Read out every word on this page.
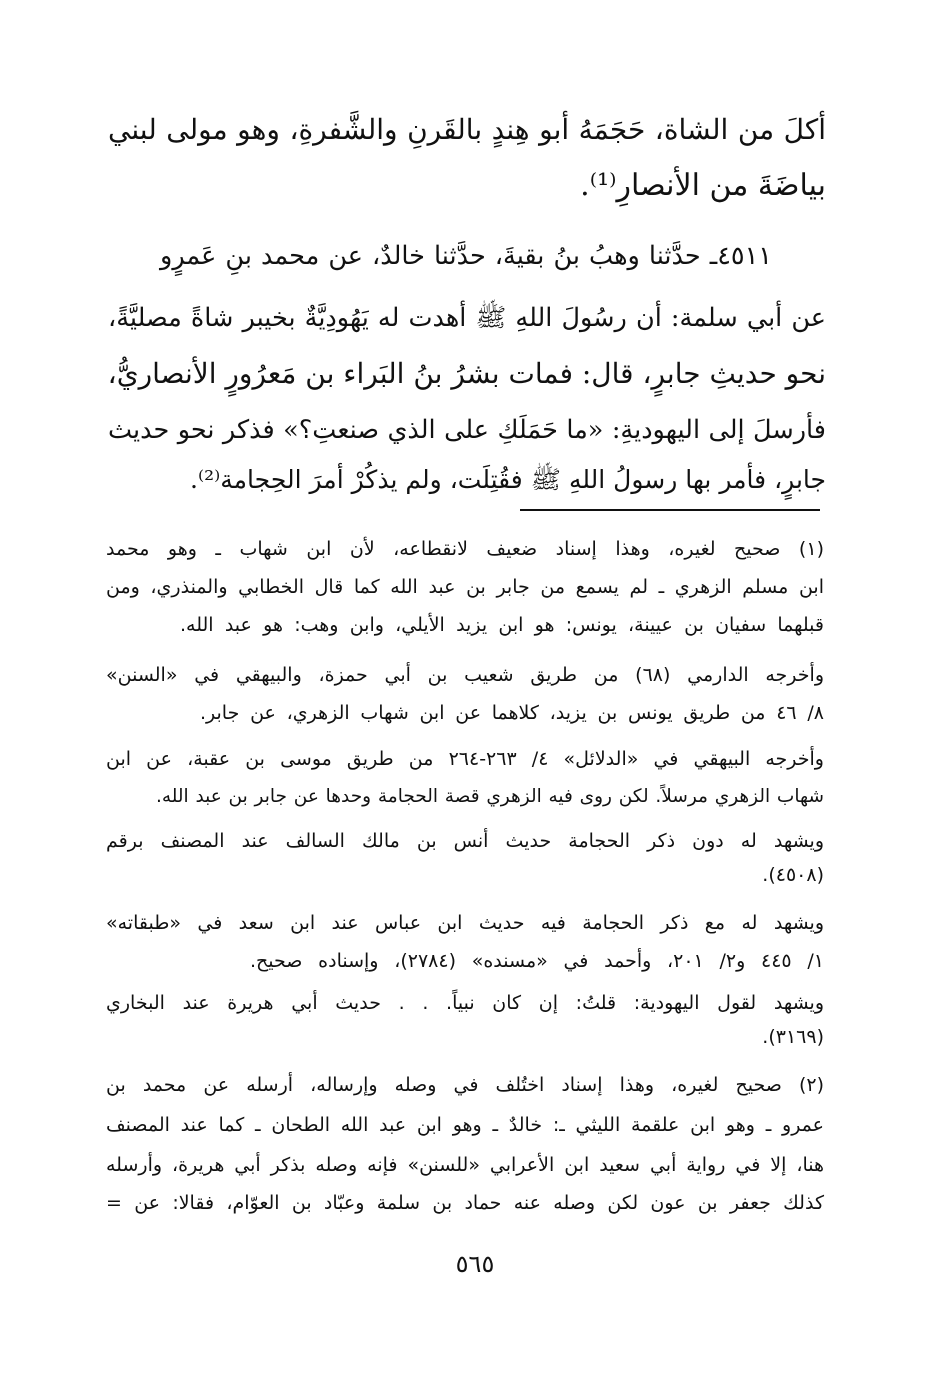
أكلَ من الشاة، حَجَمَهُ أبو هِندٍ بالقَرنِ والشَّفرةِ، وهو مولى لبني
بياضَةَ من الأنصارِ⁽¹⁾.
٤٥١١ـ حدَّثنا وهبُ بنُ بقيةَ، حدَّثنا خالدٌ، عن محمد بنِ عَمرٍو
عن أبي سلمة: أن رسُولَ اللهِ ﷺ أهدت له يَهُودِيَّةٌ بخيبر شاةً مصليَّةً،
نحو حديثِ جابرٍ، قال: فمات بشرُ بنُ البَراء بن مَعرُورٍ الأنصاريُّ،
فأرسلَ إلى اليهوديةِ: «ما حَمَلَكِ على الذي صنعتِ؟» فذكر نحو حديث
جابرٍ، فأمر بها رسولُ اللهِ ﷺ فقُتِلَت، ولم يذكُرْ أمرَ الحِجامة⁽²⁾.
(١) صحيح لغيره، وهذا إسناد ضعيف لانقطاعه، لأن ابن شهاب ـ وهو محمد
ابن مسلم الزهري ـ لم يسمع من جابر بن عبد الله كما قال الخطابي والمنذري، ومن
قبلهما سفيان بن عيينة، يونس: هو ابن يزيد الأيلي، وابن وهب: هو عبد الله.
وأخرجه الدارمي (٦٨) من طريق شعيب بن أبي حمزة، والبيهقي في «السنن»
٨/ ٤٦ من طريق يونس بن يزيد، كلاهما عن ابن شهاب الزهري، عن جابر.
وأخرجه البيهقي في «الدلائل» ٤/ ٢٦٣-٢٦٤ من طريق موسى بن عقبة، عن ابن
شهاب الزهري مرسلاً. لكن روى فيه الزهري قصة الحجامة وحدها عن جابر بن عبد الله.
ويشهد له دون ذكر الحجامة حديث أنس بن مالك السالف عند المصنف برقم
(٤٥٠٨).
ويشهد له مع ذكر الحجامة فيه حديث ابن عباس عند ابن سعد في «طبقاته»
١/ ٤٤٥ و٢/ ٢٠١، وأحمد في «مسنده» (٢٧٨٤)، وإسناده صحيح.
ويشهد لقول اليهودية: قلتُ: إن كان نبياً. . . حديث أبي هريرة عند البخاري
(٣١٦٩).
(٢) صحيح لغيره، وهذا إسناد اختُلف في وصله وإرساله، أرسله عن محمد بن
عمرو ـ وهو ابن علقمة الليثي ـ: خالدٌ ـ وهو ابن عبد الله الطحان ـ كما عند المصنف
هنا، إلا في رواية أبي سعيد ابن الأعرابي «للسنن» فإنه وصله بذكر أبي هريرة، وأرسله
كذلك جعفر بن عون لكن وصله عنه حماد بن سلمة وعبّاد بن العوّام، فقالا: عن =
٥٦٥
